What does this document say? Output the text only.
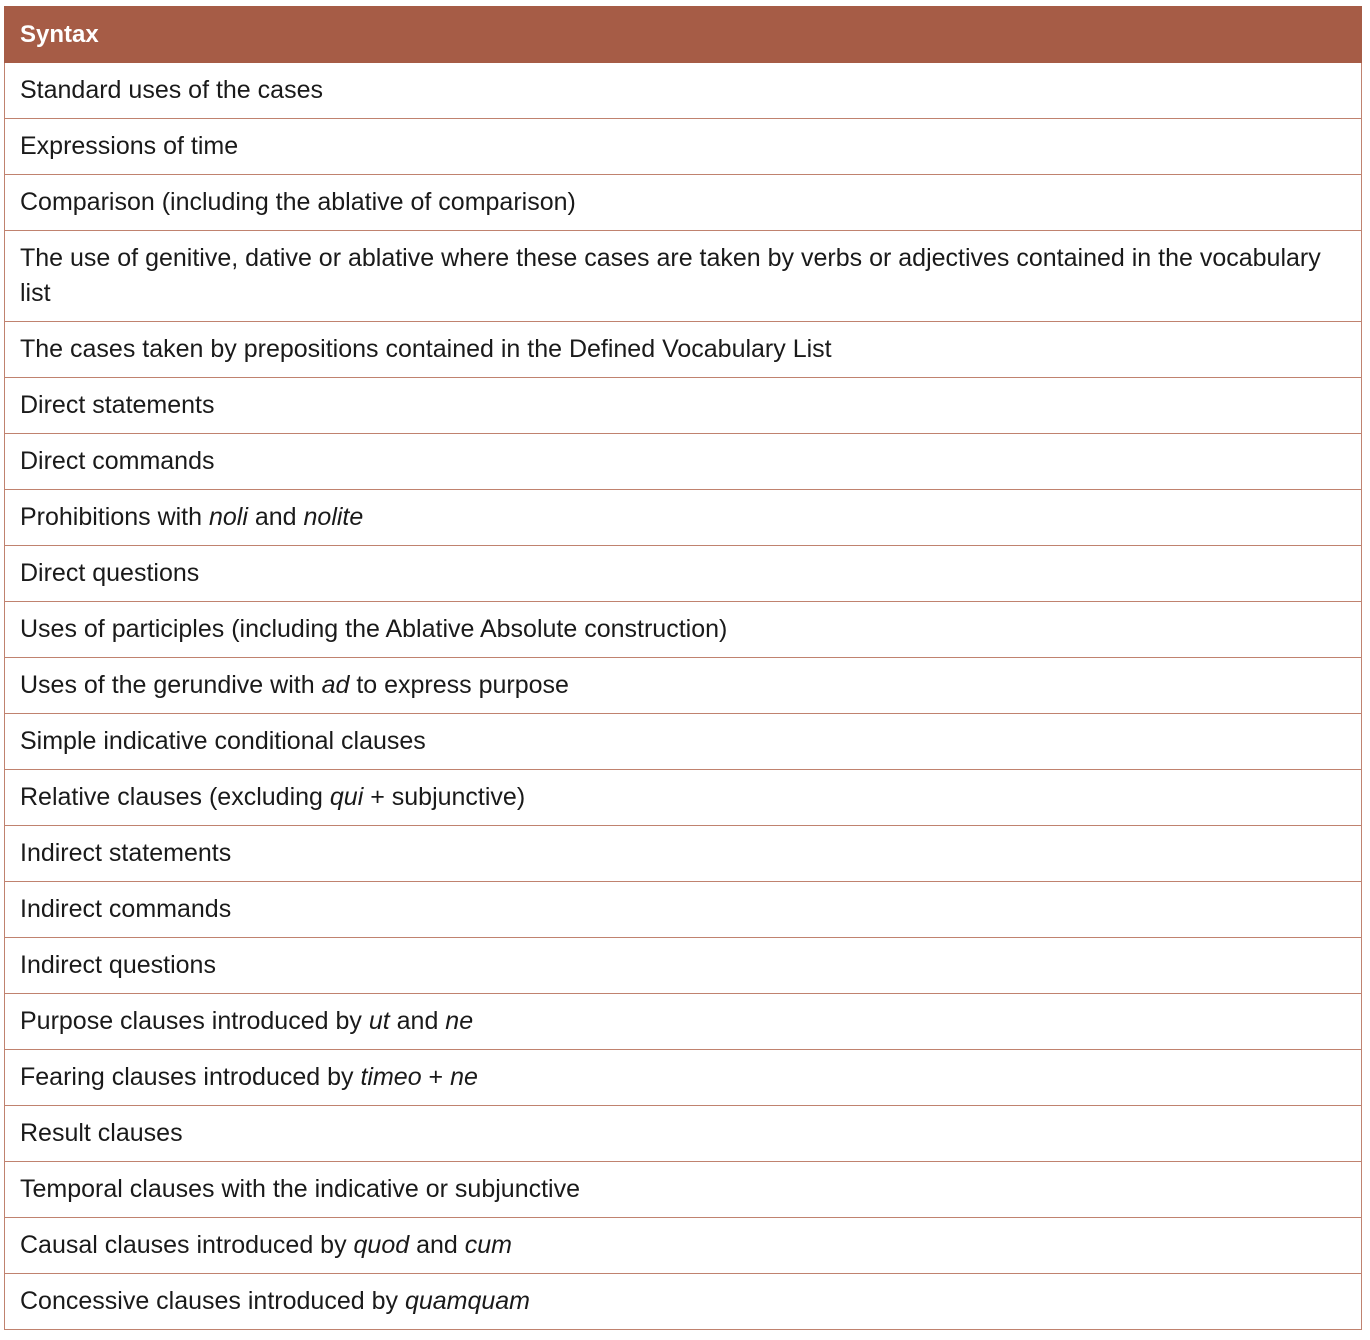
Syntax
Standard uses of the cases
Expressions of time
Comparison (including the ablative of comparison)
The use of genitive, dative or ablative where these cases are taken by verbs or adjectives contained in the vocabulary list
The cases taken by prepositions contained in the Defined Vocabulary List
Direct statements
Direct commands
Prohibitions with noli and nolite
Direct questions
Uses of participles (including the Ablative Absolute construction)
Uses of the gerundive with ad to express purpose
Simple indicative conditional clauses
Relative clauses (excluding qui + subjunctive)
Indirect statements
Indirect commands
Indirect questions
Purpose clauses introduced by ut and ne
Fearing clauses introduced by timeo + ne
Result clauses
Temporal clauses with the indicative or subjunctive
Causal clauses introduced by quod and cum
Concessive clauses introduced by quamquam
